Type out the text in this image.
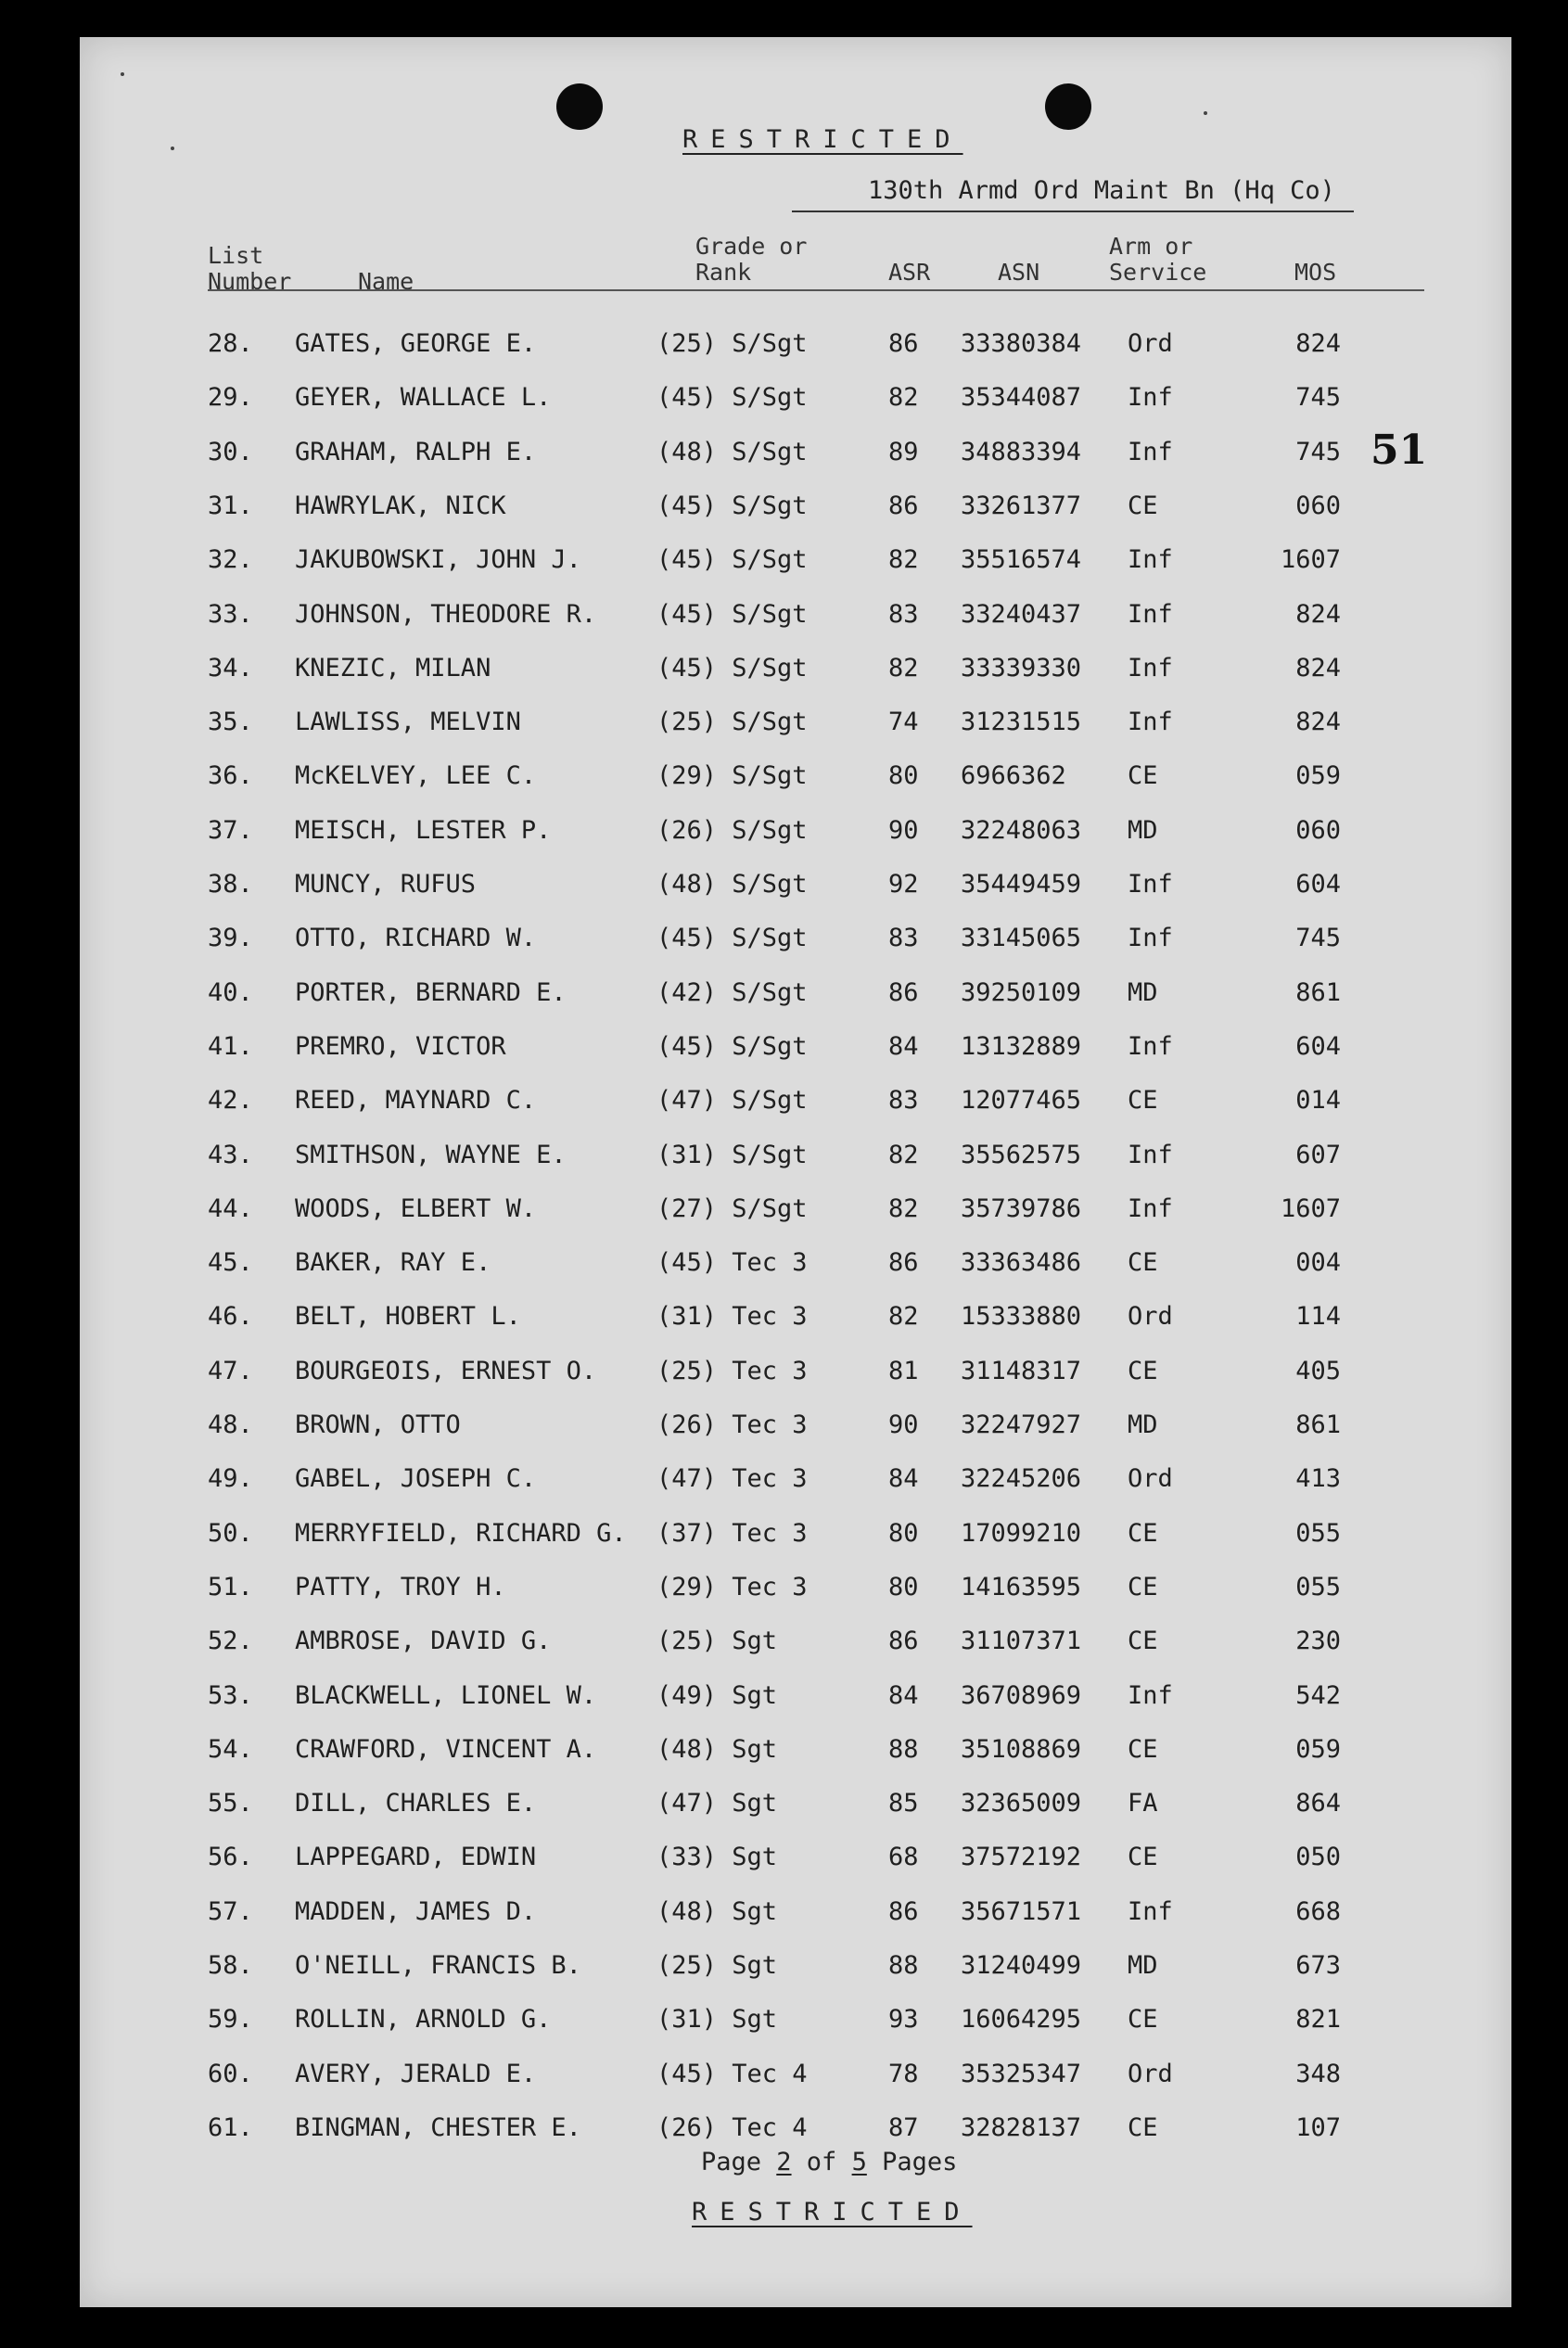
RESTRICTED
130th Armd Ord Maint Bn (Hq Co)
51
List
Number	Name
Grade or
Rank	ASR	ASN
Arm or
Service	MOS
28. GATES, GEORGE E.	(25) S/Sgt	86 33380384 Ord	824
29. GEYER, WALLACE L.	(45) S/Sgt	82 35344087 Inf	745
30. GRAHAM, RALPH E.	(48) S/Sgt	89 34883394 Inf	745
31. HAWRYLAK, NICK	(45) S/Sgt	86 33261377 CE	060
32. JAKUBOWSKI, JOHN J.	(45) S/Sgt	82 35516574 Inf	1607
33. JOHNSON, THEODORE R. (45) S/Sgt	83 33240437 Inf	824
34. KNEZIC, MILAN	(45) S/Sgt	82 33339330 Inf	824
35. LAWLISS, MELVIN	(25) S/Sgt	74 31231515 Inf	824
36. McKELVEY, LEE C.	(29) S/Sgt	80 6966362 CE	059
37. MEISCH, LESTER P.	(26) S/Sgt	90 32248063 MD	060
38. MUNCY, RUFUS	(48) S/Sgt	92 35449459 Inf	604
39. OTTO, RICHARD W.	(45) S/Sgt	83 33145065 Inf	745
40. PORTER, BERNARD E.	(42) S/Sgt	86 39250109 MD	861
41. PREMRO, VICTOR	(45) S/Sgt	84 13132889 Inf	604
42. REED, MAYNARD C.	(47) S/Sgt	83 12077465 CE	014
43. SMITHSON, WAYNE E.	(31) S/Sgt	82 35562575 Inf	607
44. WOODS, ELBERT W.	(27) S/Sgt	82 35739786 Inf	1607
45. BAKER, RAY E.	(45) Tec 3	86 33363486 CE	004
46. BELT, HOBERT L.	(31) Tec 3	82 15333880 Ord	114
47. BOURGEOIS, ERNEST O. (25) Tec 3	81 31148317 CE	405
48. BROWN, OTTO	(26) Tec 3	90 32247927 MD	861
49. GABEL, JOSEPH C.	(47) Tec 3	84 32245206 Ord	413
50. MERRYFIELD, RICHARD G. (37) Tec 3	80 17099210 CE	055
51. PATTY, TROY H.	(29) Tec 3	80 14163595 CE	055
52. AMBROSE, DAVID G.	(25) Sgt	86 31107371 CE	230
53. BLACKWELL, LIONEL W. (49) Sgt	84 36708969 Inf	542
54. CRAWFORD, VINCENT A. (48) Sgt	88 35108869 CE	059
55. DILL, CHARLES E.	(47) Sgt	85 32365009 FA	864
56. LAPPEGARD, EDWIN	(33) Sgt	68 37572192 CE	050
57. MADDEN, JAMES D.	(48) Sgt	86 35671571 Inf	668
58. O'NEILL, FRANCIS B.	(25) Sgt	88 31240499 MD	673
59. ROLLIN, ARNOLD G.	(31) Sgt	93 16064295 CE	821
60. AVERY, JERALD E.	(45) Tec 4	78 35325347 Ord	348
61. BINGMAN, CHESTER E.	(26) Tec 4	87 32828137 CE	107
Page 2 of 5 Pages
RESTRICTED
